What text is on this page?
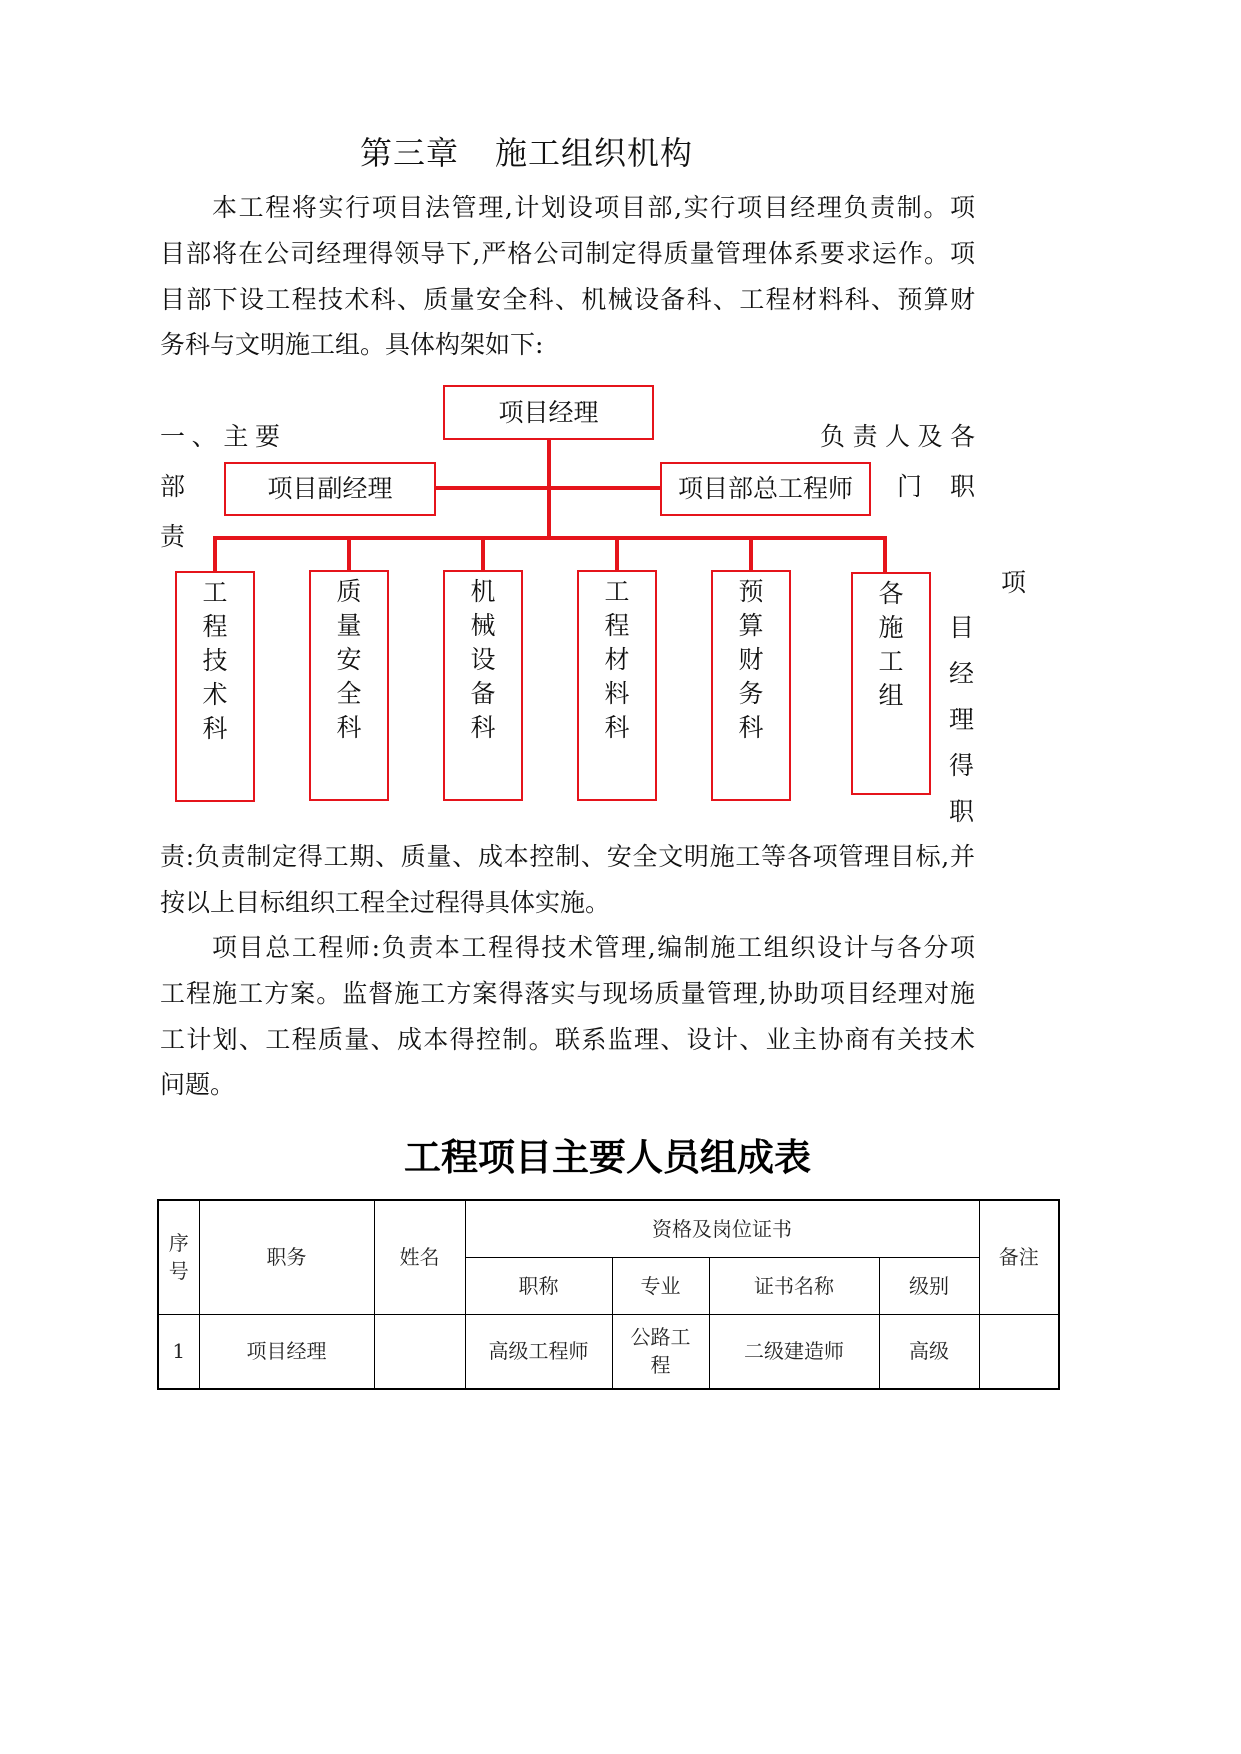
第三章 施工组织机构
本工程将实行项目法管理,计划设项目部,实行项目经理负责制。项
目部将在公司经理得领导下,严格公司制定得质量管理体系要求运作。项
目部下设工程技术科、质量安全科、机械设备科、工程材料科、预算财
务科与文明施工组。具体构架如下:
一、主要	负责人及各
部	门职
责
项
目经理得职
项目经理
项目副经理	项目部总工程师
工程技术科
质量安全科
机械设备科
工程材料科
预算财务科
各施工组
责:负责制定得工期、质量、成本控制、安全文明施工等各项管理目标,并
按以上目标组织工程全过程得具体实施。
项目总工程师:负责本工程得技术管理,编制施工组织设计与各分项
工程施工方案。监督施工方案得落实与现场质量管理,协助项目经理对施
工计划、工程质量、成本得控制。联系监理、设计、业主协商有关技术
问题。
工程项目主要人员组成表
序号	职务	姓名	资格及岗位证书				备注
			职称	专业	证书名称	级别	
1	项目经理		高级工程师	公路工程	二级建造师	高级	
